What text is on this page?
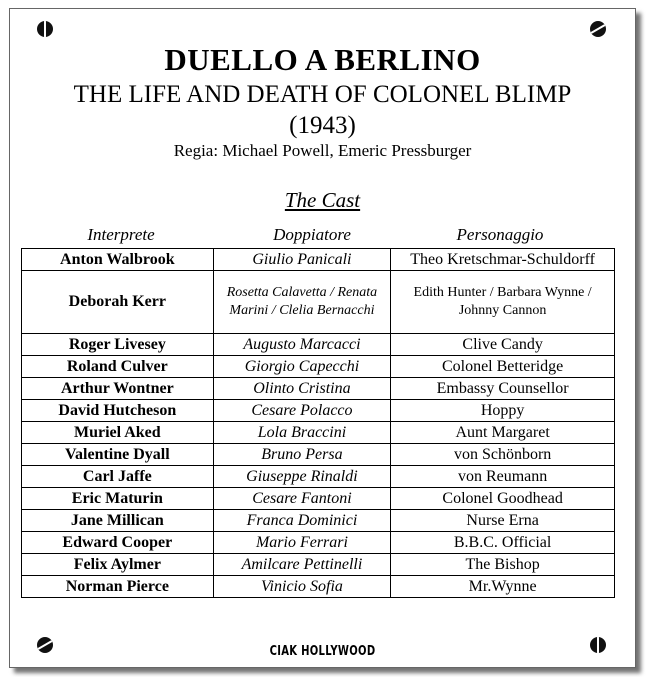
DUELLO A BERLINO
THE LIFE AND DEATH OF COLONEL BLIMP
(1943)
Regia: Michael Powell, Emeric Pressburger
The Cast
Interprete	Doppiatore	Personaggio
Anton Walbrook	Giulio Panicali	Theo Kretschmar-Schuldorff
Deborah Kerr	Rosetta Calavetta / Renata Marini / Clelia Bernacchi	Edith Hunter / Barbara Wynne / Johnny Cannon
Roger Livesey	Augusto Marcacci	Clive Candy
Roland Culver	Giorgio Capecchi	Colonel Betteridge
Arthur Wontner	Olinto Cristina	Embassy Counsellor
David Hutcheson	Cesare Polacco	Hoppy
Muriel Aked	Lola Braccini	Aunt Margaret
Valentine Dyall	Bruno Persa	von Schönborn
Carl Jaffe	Giuseppe Rinaldi	von Reumann
Eric Maturin	Cesare Fantoni	Colonel Goodhead
Jane Millican	Franca Dominici	Nurse Erna
Edward Cooper	Mario Ferrari	B.B.C. Official
Felix Aylmer	Amilcare Pettinelli	The Bishop
Norman Pierce	Vinicio Sofia	Mr.Wynne
CIAK HOLLYWOOD
